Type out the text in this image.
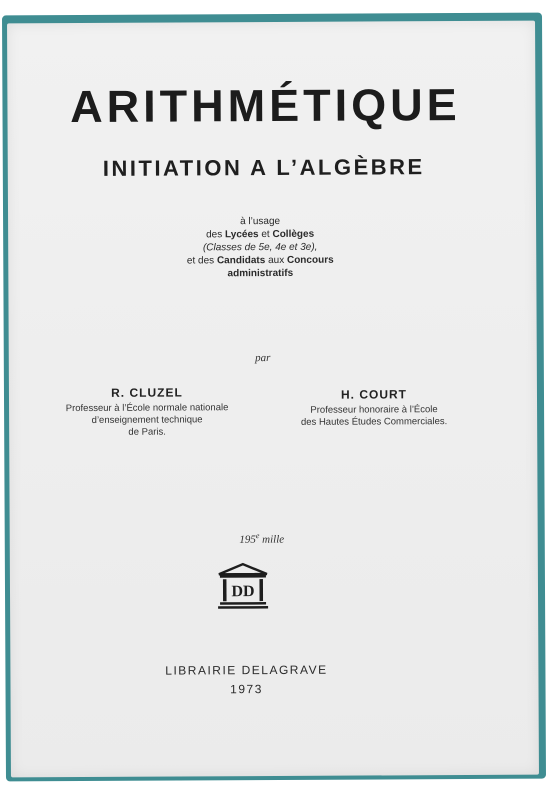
ARITHMÉTIQUE
INITIATION A L’ALGÈBRE
à l’usage
des Lycées et Collèges
(Classes de 5e, 4e et 3e),
et des Candidats aux Concours
administratifs
par
R. CLUZEL
Professeur à l’École normale nationale
d’enseignement technique
de Paris.
H. COURT
Professeur honoraire à l’École
des Hautes Études Commerciales.
195e mille
DD
LIBRAIRIE DELAGRAVE
1973
